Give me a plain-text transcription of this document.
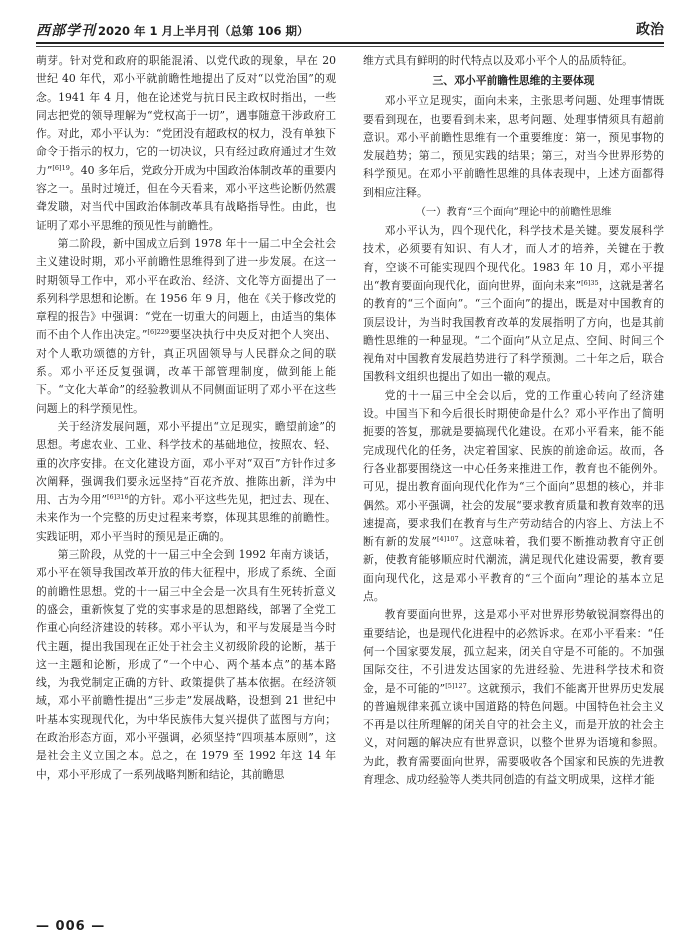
西部学刊 2020 年 1 月上半月刊（总第 106 期）	政治

萌芽。针对党和政府的职能混淆、以党代政的现象，早在 20 世纪 40 年代，邓小平就前瞻性地提出了反对“以党治国”的观念。1941 年 4 月，他在论述党与抗日民主政权时指出，一些同志把党的领导理解为“党权高于一切”，遇事随意干涉政府工作。对此，邓小平认为：“党团没有超政权的权力，没有单独下命令于指示的权力，它的一切决议，只有经过政府通过才生效力”$^{[6]19}$。40 多年后，党政分开成为中国政治体制改革的重要内容之一。虽时过境迁，但在今天看来，邓小平这些论断仍然震聋发聩，对当代中国政治体制改革具有战略指导性。由此，也证明了邓小平思维的预见性与前瞻性。

第二阶段，新中国成立后到 1978 年十一届二中全会社会主义建设时期，邓小平前瞻性思维得到了进一步发展。在这一时期领导工作中，邓小平在政治、经济、文化等方面提出了一系列科学思想和论断。在 1956 年 9 月，他在《关于修改党的章程的报告》中强调：“党在一切重大的问题上，由适当的集体而不由个人作出决定。”$^{[6]229}$要坚决执行中央反对把个人突出、对个人歌功颂德的方针，真正巩固领导与人民群众之间的联系。邓小平还反复强调，改革干部管理制度，做到能上能下。“文化大革命”的经验教训从不同侧面证明了邓小平在这些问题上的科学预见性。

关于经济发展问题，邓小平提出“立足现实，瞻望前途”的思想。考虑农业、工业、科学技术的基础地位，按照农、轻、重的次序安排。在文化建设方面，邓小平对“双百”方针作过多次阐释，强调我们要永远坚持“百花齐放、推陈出新，洋为中用、古为今用”$^{[6]316}$的方针。邓小平这些先见，把过去、现在、未来作为一个完整的历史过程来考察，体现其思维的前瞻性。实践证明，邓小平当时的预见是正确的。

第三阶段，从党的十一届三中全会到 1992 年南方谈话，邓小平在领导我国改革开放的伟大征程中，形成了系统、全面的前瞻性思想。党的十一届三中全会是一次具有生死转折意义的盛会，重新恢复了党的实事求是的思想路线，部署了全党工作重心向经济建设的转移。邓小平认为，和平与发展是当今时代主题，提出我国现在正处于社会主义初级阶段的论断，基于这一主题和论断，形成了“一个中心、两个基本点”的基本路线，为我党制定正确的方针、政策提供了基本依据。在经济领域，邓小平前瞻性提出“三步走”发展战略，设想到 21 世纪中叶基本实现现代化，为中华民族伟大复兴提供了蓝图与方向；在政治形态方面，邓小平强调，必须坚持“四项基本原则”，这是社会主义立国之本。总之，在 1979 至 1992 年这 14 年中，邓小平形成了一系列战略判断和结论，其前瞻思

维方式具有鲜明的时代特点以及邓小平个人的品质特征。

三、邓小平前瞻性思维的主要体现

邓小平立足现实，面向未来，主张思考问题、处理事情既要看到现在，也要看到未来，思考问题、处理事情须具有超前意识。邓小平前瞻性思维有一个重要维度：第一，预见事物的发展趋势；第二，预见实践的结果；第三，对当今世界形势的科学预见。在邓小平前瞻性思维的具体表现中，上述方面都得到相应注释。

（一）教育“三个面向”理论中的前瞻性思维

邓小平认为，四个现代化，科学技术是关键。要发展科学技术，必须要有知识、有人才，而人才的培养，关键在于教育，空谈不可能实现四个现代化。1983 年 10 月，邓小平提出“教育要面向现代化，面向世界，面向未来”$^{[6]35}$，这就是著名的教育的“三个面向”。“三个面向”的提出，既是对中国教育的顶层设计，为当时我国教育改革的发展指明了方向，也是其前瞻性思维的一种显现。“二个面向”从立足点、空间、时间三个视角对中国教育发展趋势进行了科学预测。二十年之后，联合国教科文组织也提出了如出一辙的观点。

党的十一届三中全会以后，党的工作重心转向了经济建设。中国当下和今后很长时期使命是什么？邓小平作出了简明扼要的答复，那就是要搞现代化建设。在邓小平看来，能不能完成现代化的任务，决定着国家、民族的前途命运。故而，各行各业都要围绕这一中心任务来推进工作，教育也不能例外。可见，提出教育面向现代化作为“三个面向”思想的核心，并非偶然。邓小平强调，社会的发展“要求教育质量和教育效率的迅速提高，要求我们在教育与生产劳动结合的内容上、方法上不断有新的发展”$^{[4]107}$。这意味着，我们要不断推动教育守正创新，使教育能够顺应时代潮流，满足现代化建设需要，教育要面向现代化，这是邓小平教育的“三个面向”理论的基本立足点。

教育要面向世界，这是邓小平对世界形势敏锐洞察得出的重要结论，也是现代化进程中的必然诉求。在邓小平看来：“任何一个国家要发展，孤立起来，闭关自守是不可能的。不加强国际交往，不引进发达国家的先进经验、先进科学技术和资金，是不可能的”$^{[5]127}$。这就预示，我们不能离开世界历史发展的普遍规律来孤立谈中国道路的特色问题。中国特色社会主义不再是以往所理解的闭关自守的社会主义，而是开放的社会主义，对问题的解决应有世界意识，以整个世界为语境和参照。为此，教育需要面向世界，需要吸收各个国家和民族的先进教育理念、成功经验等人类共同创造的有益文明成果，这样才能

— 006 —
